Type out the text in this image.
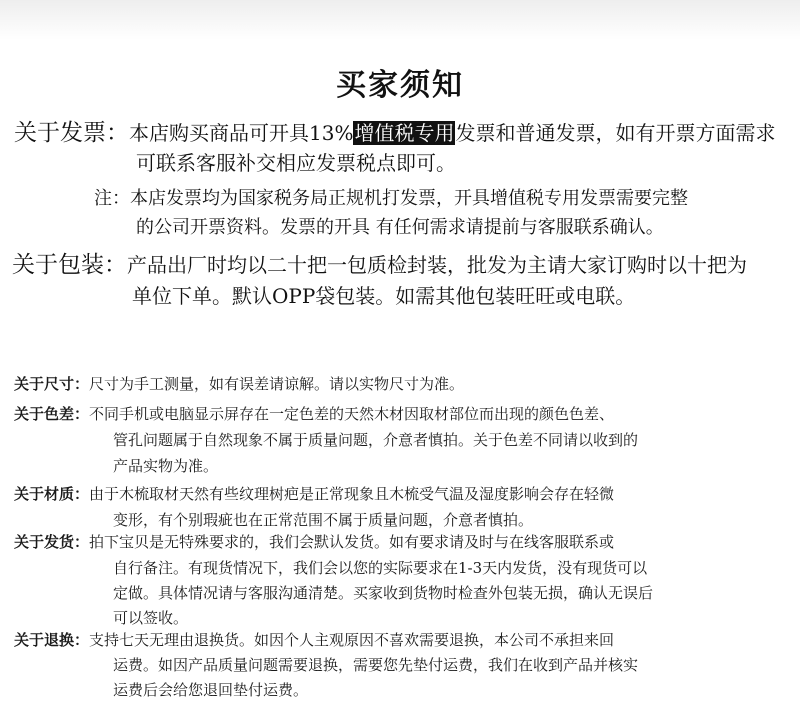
买家须知
关于发票：本店购买商品可开具13%增值税专用发票和普通发票，如有开票方面需求
可联系客服补交相应发票税点即可。
注：本店发票均为国家税务局正规机打发票，开具增值税专用发票需要完整
的公司开票资料。发票的开具 有任何需求请提前与客服联系确认。
关于包装：产品出厂时均以二十把一包质检封装，批发为主请大家订购时以十把为
单位下单。默认OPP袋包装。如需其他包装旺旺或电联。
关于尺寸：尺寸为手工测量，如有误差请谅解。请以实物尺寸为准。
关于色差：不同手机或电脑显示屏存在一定色差的天然木材因取材部位而出现的颜色色差、
管孔问题属于自然现象不属于质量问题，介意者慎拍。关于色差不同请以收到的
产品实物为准。
关于材质：由于木梳取材天然有些纹理树疤是正常现象且木梳受气温及湿度影响会存在轻微
变形，有个别瑕疵也在正常范围不属于质量问题，介意者慎拍。
关于发货：拍下宝贝是无特殊要求的，我们会默认发货。如有要求请及时与在线客服联系或
自行备注。有现货情况下，我们会以您的实际要求在1-3天内发货，没有现货可以
定做。具体情况请与客服沟通清楚。买家收到货物时检查外包装无损，确认无误后
可以签收。
关于退换：支持七天无理由退换货。如因个人主观原因不喜欢需要退换，本公司不承担来回
运费。如因产品质量问题需要退换，需要您先垫付运费，我们在收到产品并核实
运费后会给您退回垫付运费。
